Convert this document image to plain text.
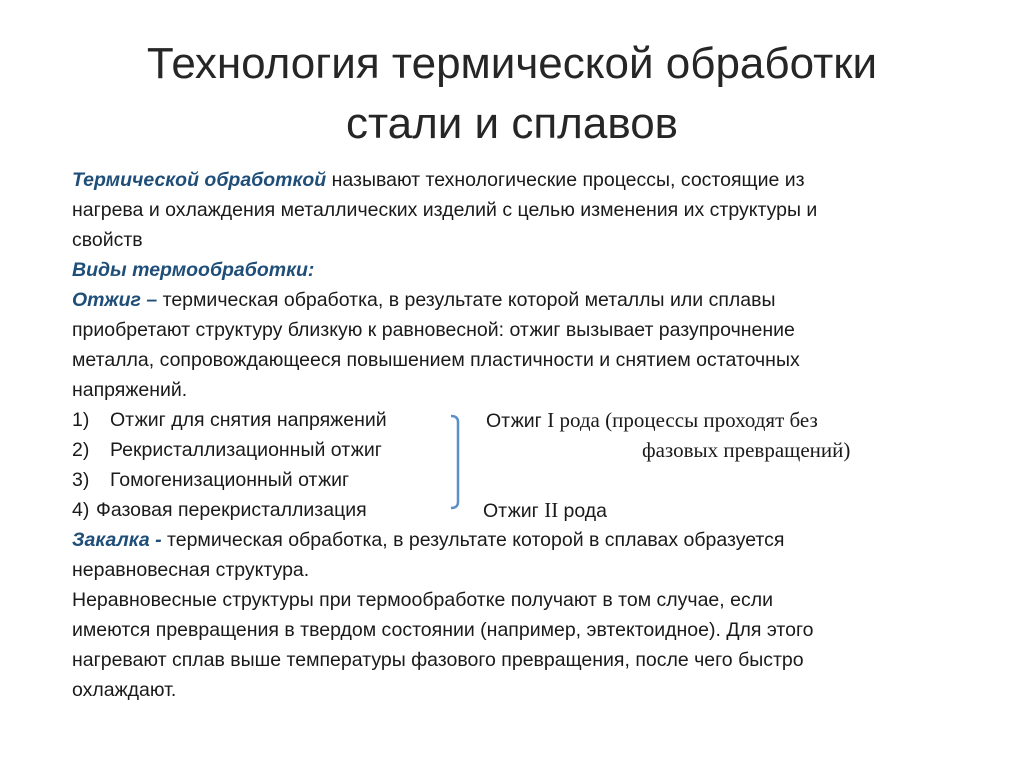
Технология термической обработки
стали и сплавов
Термической обработкой называют технологические процессы, состоящие из
нагрева и охлаждения металлических изделий с целью изменения их структуры и
свойств
Виды термообработки:
Отжиг – термическая обработка, в результате которой металлы или сплавы
приобретают структуру близкую к равновесной: отжиг вызывает разупрочнение
металла, сопровождающееся повышением пластичности и снятием остаточных
напряжений.
1) Отжиг для снятия напряжений	Отжиг I рода (процессы проходят без
2) Рекристаллизационный отжиг	фазовых превращений)
3) Гомогенизационный отжиг
4) Фазовая перекристаллизация	Отжиг II рода
Закалка - термическая обработка, в результате которой в сплавах образуется
неравновесная структура.
Неравновесные структуры при термообработке получают в том случае, если
имеются превращения в твердом состоянии (например, эвтектоидное). Для этого
нагревают сплав выше температуры фазового превращения, после чего быстро
охлаждают.
